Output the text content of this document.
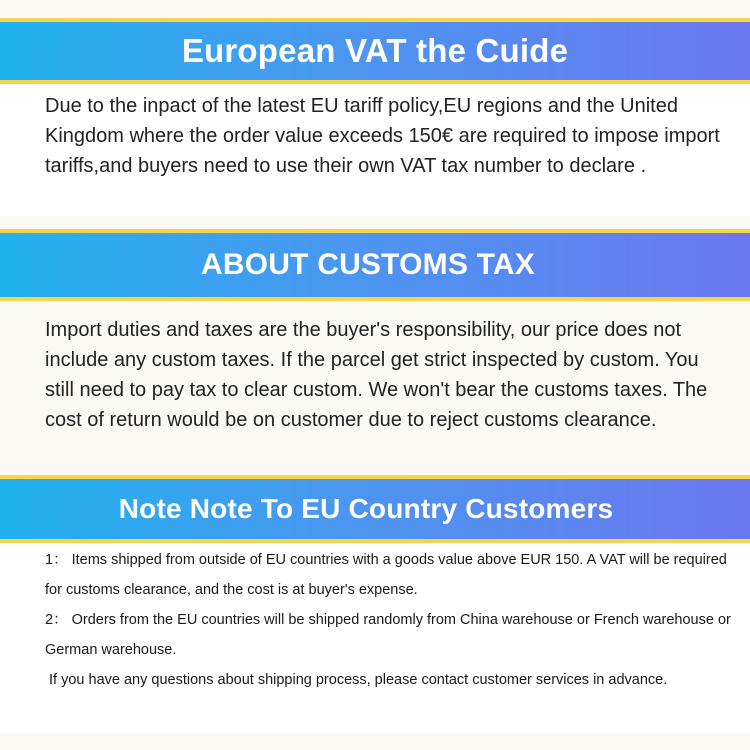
European VAT the Cuide

Due to the inpact of the latest EU tariff policy,EU regions and the United Kingdom where the order value exceeds 150€ are required to impose import tariffs,and buyers need to use their own VAT tax number to declare .

ABOUT CUSTOMS TAX

Import duties and taxes are the buyer's responsibility, our price does not include any custom taxes. If the parcel get strict inspected by custom. You still need to pay tax to clear custom. We won't bear the customs taxes. The cost of return would be on customer due to reject customs clearance.

Note Note To EU Country Customers

1： Items shipped from outside of EU countries with a goods value above EUR 150. A VAT will be required for customs clearance, and the cost is at buyer's expense.

2： Orders from the EU countries will be shipped randomly from China warehouse or French warehouse or German warehouse.

If you have any questions about shipping process, please contact customer services in advance.
